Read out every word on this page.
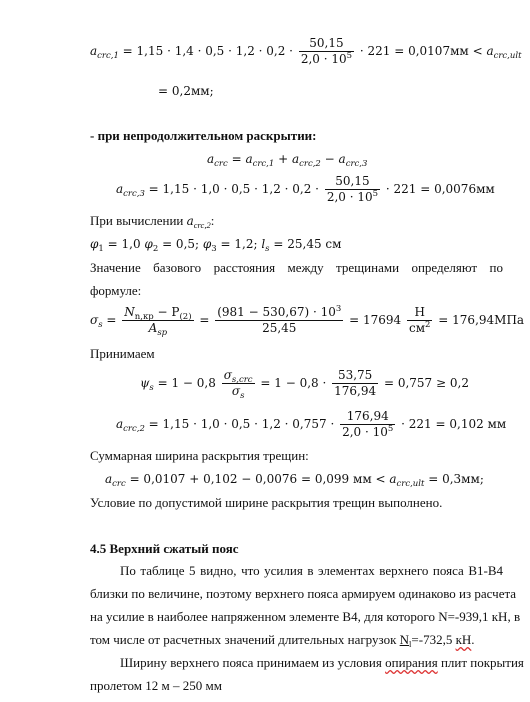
$a_{crc,1} = 1,15 \cdot 1,4 \cdot 0,5 \cdot 1,2 \cdot 0,2 \cdot \frac{50,15}{2,0 \cdot 10^5} \cdot 221 = 0,0107мм < a_{crc,ult}$
= 0,2мм;
- при непродолжительном раскрытии:
$a_{crc} = a_{crc,1} + a_{crc,2} - a_{crc,3}$
$a_{crc,3} = 1,15 \cdot 1,0 \cdot 0,5 \cdot 1,2 \cdot 0,2 \cdot \frac{50,15}{2,0 \cdot 10^5} \cdot 221 = 0,0076мм$
При вычислении $a_{crc,2}$:
$\varphi_1 = 1,0$ $\varphi_2 = 0,5$; $\varphi_3 = 1,2$; $l_s = 25,45$ см
Значение базового расстояния между трещинами определяют по
формуле:
$\sigma_s = \frac{N_{n,кр} - P_{(2)}}{A_{sp}} = \frac{(981 - 530,67) \cdot 10^3}{25,45} = 17694 \frac{Н}{см^2} = 176,94МПа$
Принимаем
$\psi_s = 1 - 0,8 \frac{\sigma_{s,crc}}{\sigma_s} = 1 - 0,8 \cdot \frac{53,75}{176,94} = 0,757 \ge 0,2$
$a_{crc,2} = 1,15 \cdot 1,0 \cdot 0,5 \cdot 1,2 \cdot 0,757 \cdot \frac{176,94}{2,0 \cdot 10^5} \cdot 221 = 0,102$ мм
Суммарная ширина раскрытия трещин:
$a_{crc} = 0,0107 + 0,102 - 0,0076 = 0,099$ мм < $a_{crc,ult} = 0,3мм$;
Условие по допустимой ширине раскрытия трещин выполнено.
4.5 Верхний сжатый пояс
По таблице 5 видно, что усилия в элементах верхнего пояса В1-В4
близки по величине, поэтому верхнего пояса армируем одинаково из расчета
на усилие в наиболее напряженном элементе В4, для которого N=-939,1 кН, в
том числе от расчетных значений длительных нагрузок $N_l=-732,5$ кН.
Ширину верхнего пояса принимаем из условия опирания плит покрытия
пролетом 12 м – 250 мм
